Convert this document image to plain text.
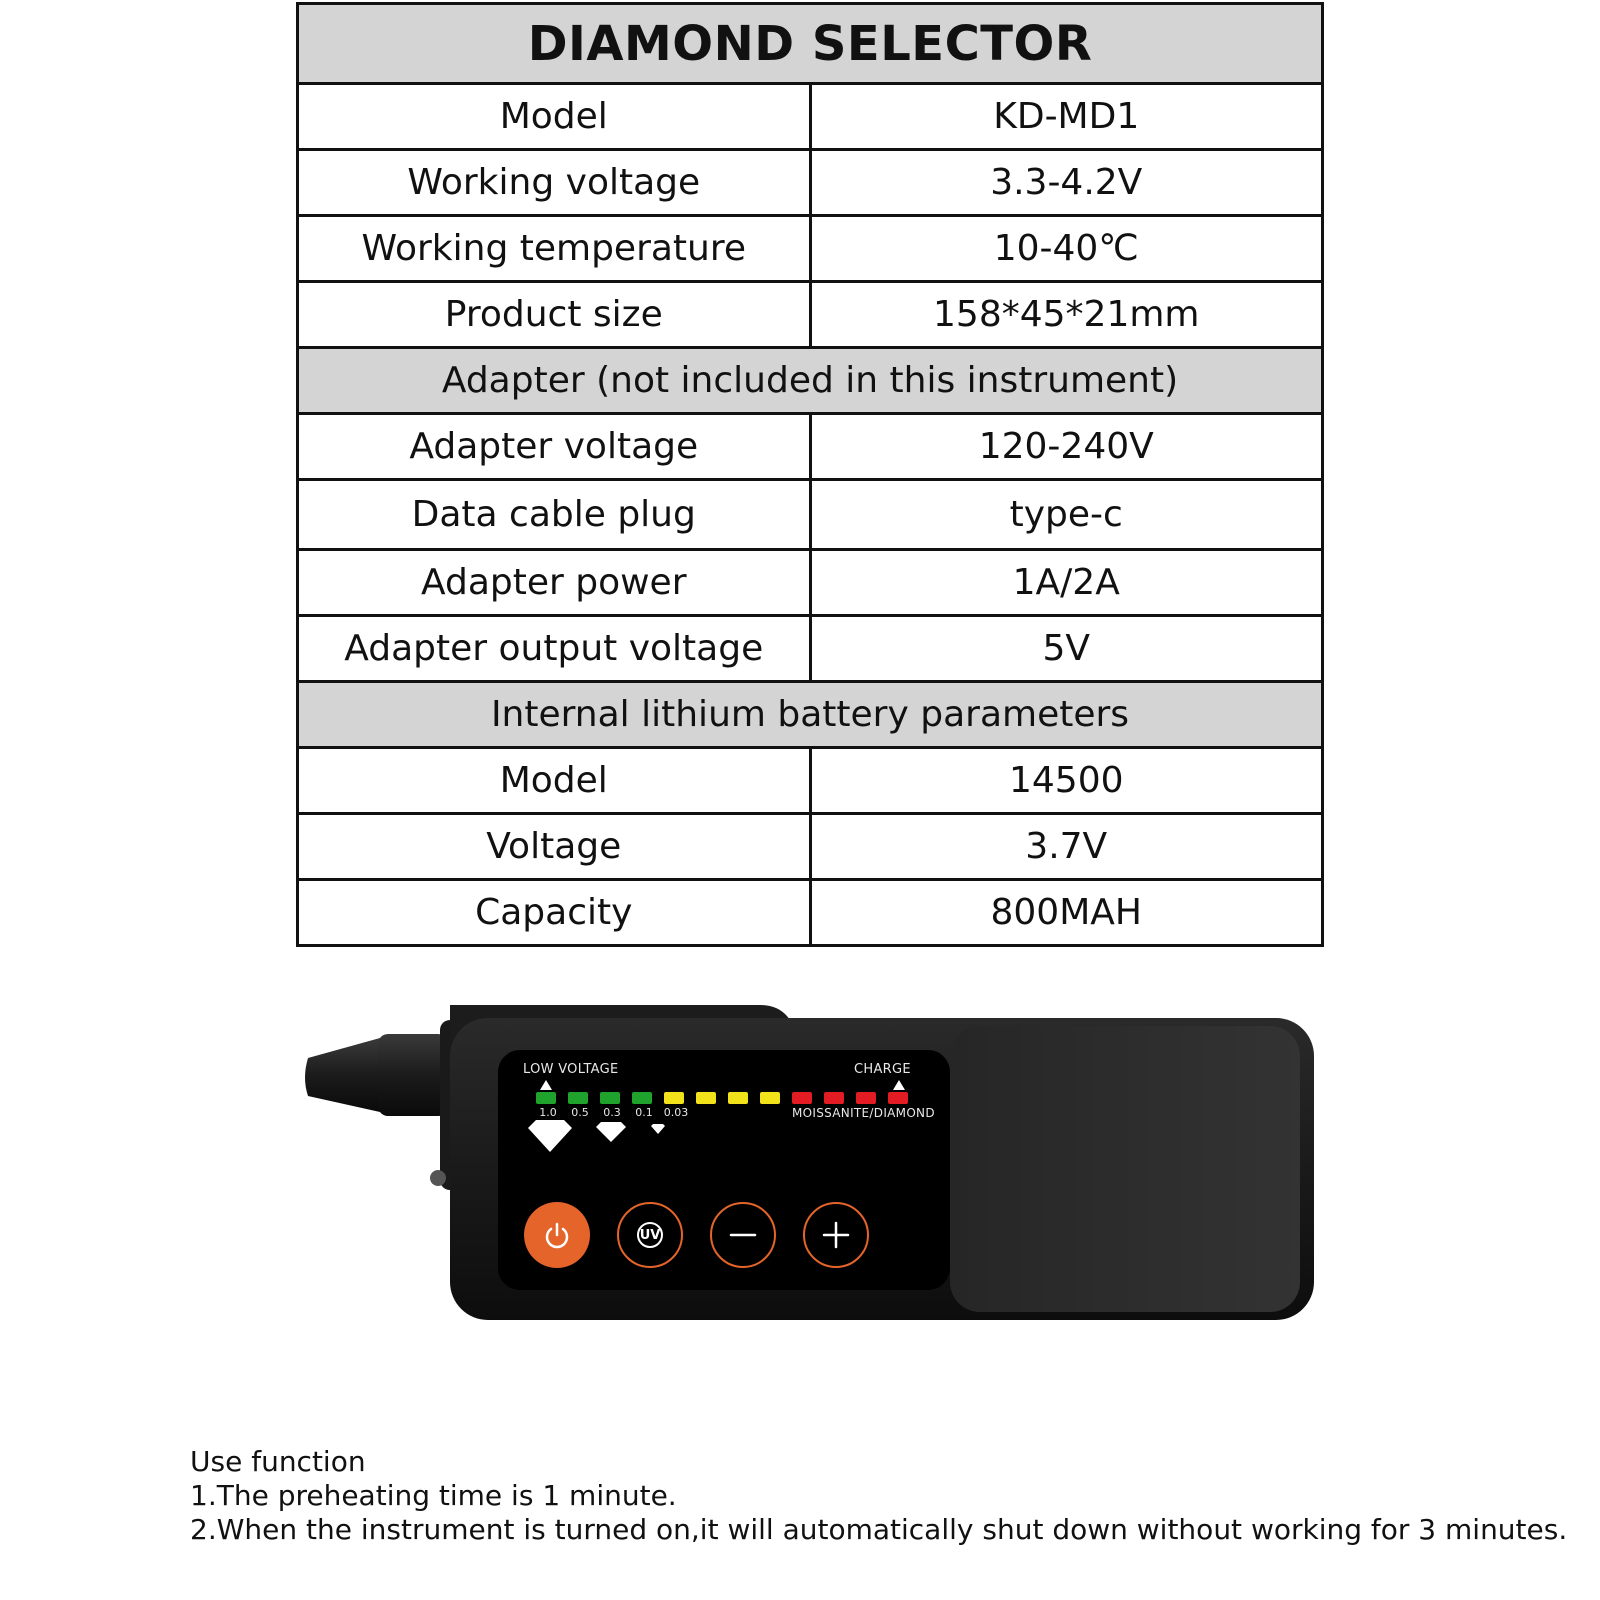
DIAMOND SELECTOR	
Model	KD-MD1
Working voltage	3.3-4.2V
Working temperature	10-40℃
Product size	158*45*21mm
Adapter (not included in this instrument)	
Adapter voltage	120-240V
Data cable plug	type-c
Adapter power	1A/2A
Adapter output voltage	5V
Internal lithium battery parameters	
Model	14500
Voltage	3.7V
Capacity	800MAH
LOW VOLTAGE	CHARGE
1.0 0.5 0.3 0.1 0.03	MOISSANITE/DIAMOND
UV
Use function
1.The preheating time is 1 minute.
2.When the instrument is turned on,it will automatically shut down without working for 3 minutes.
